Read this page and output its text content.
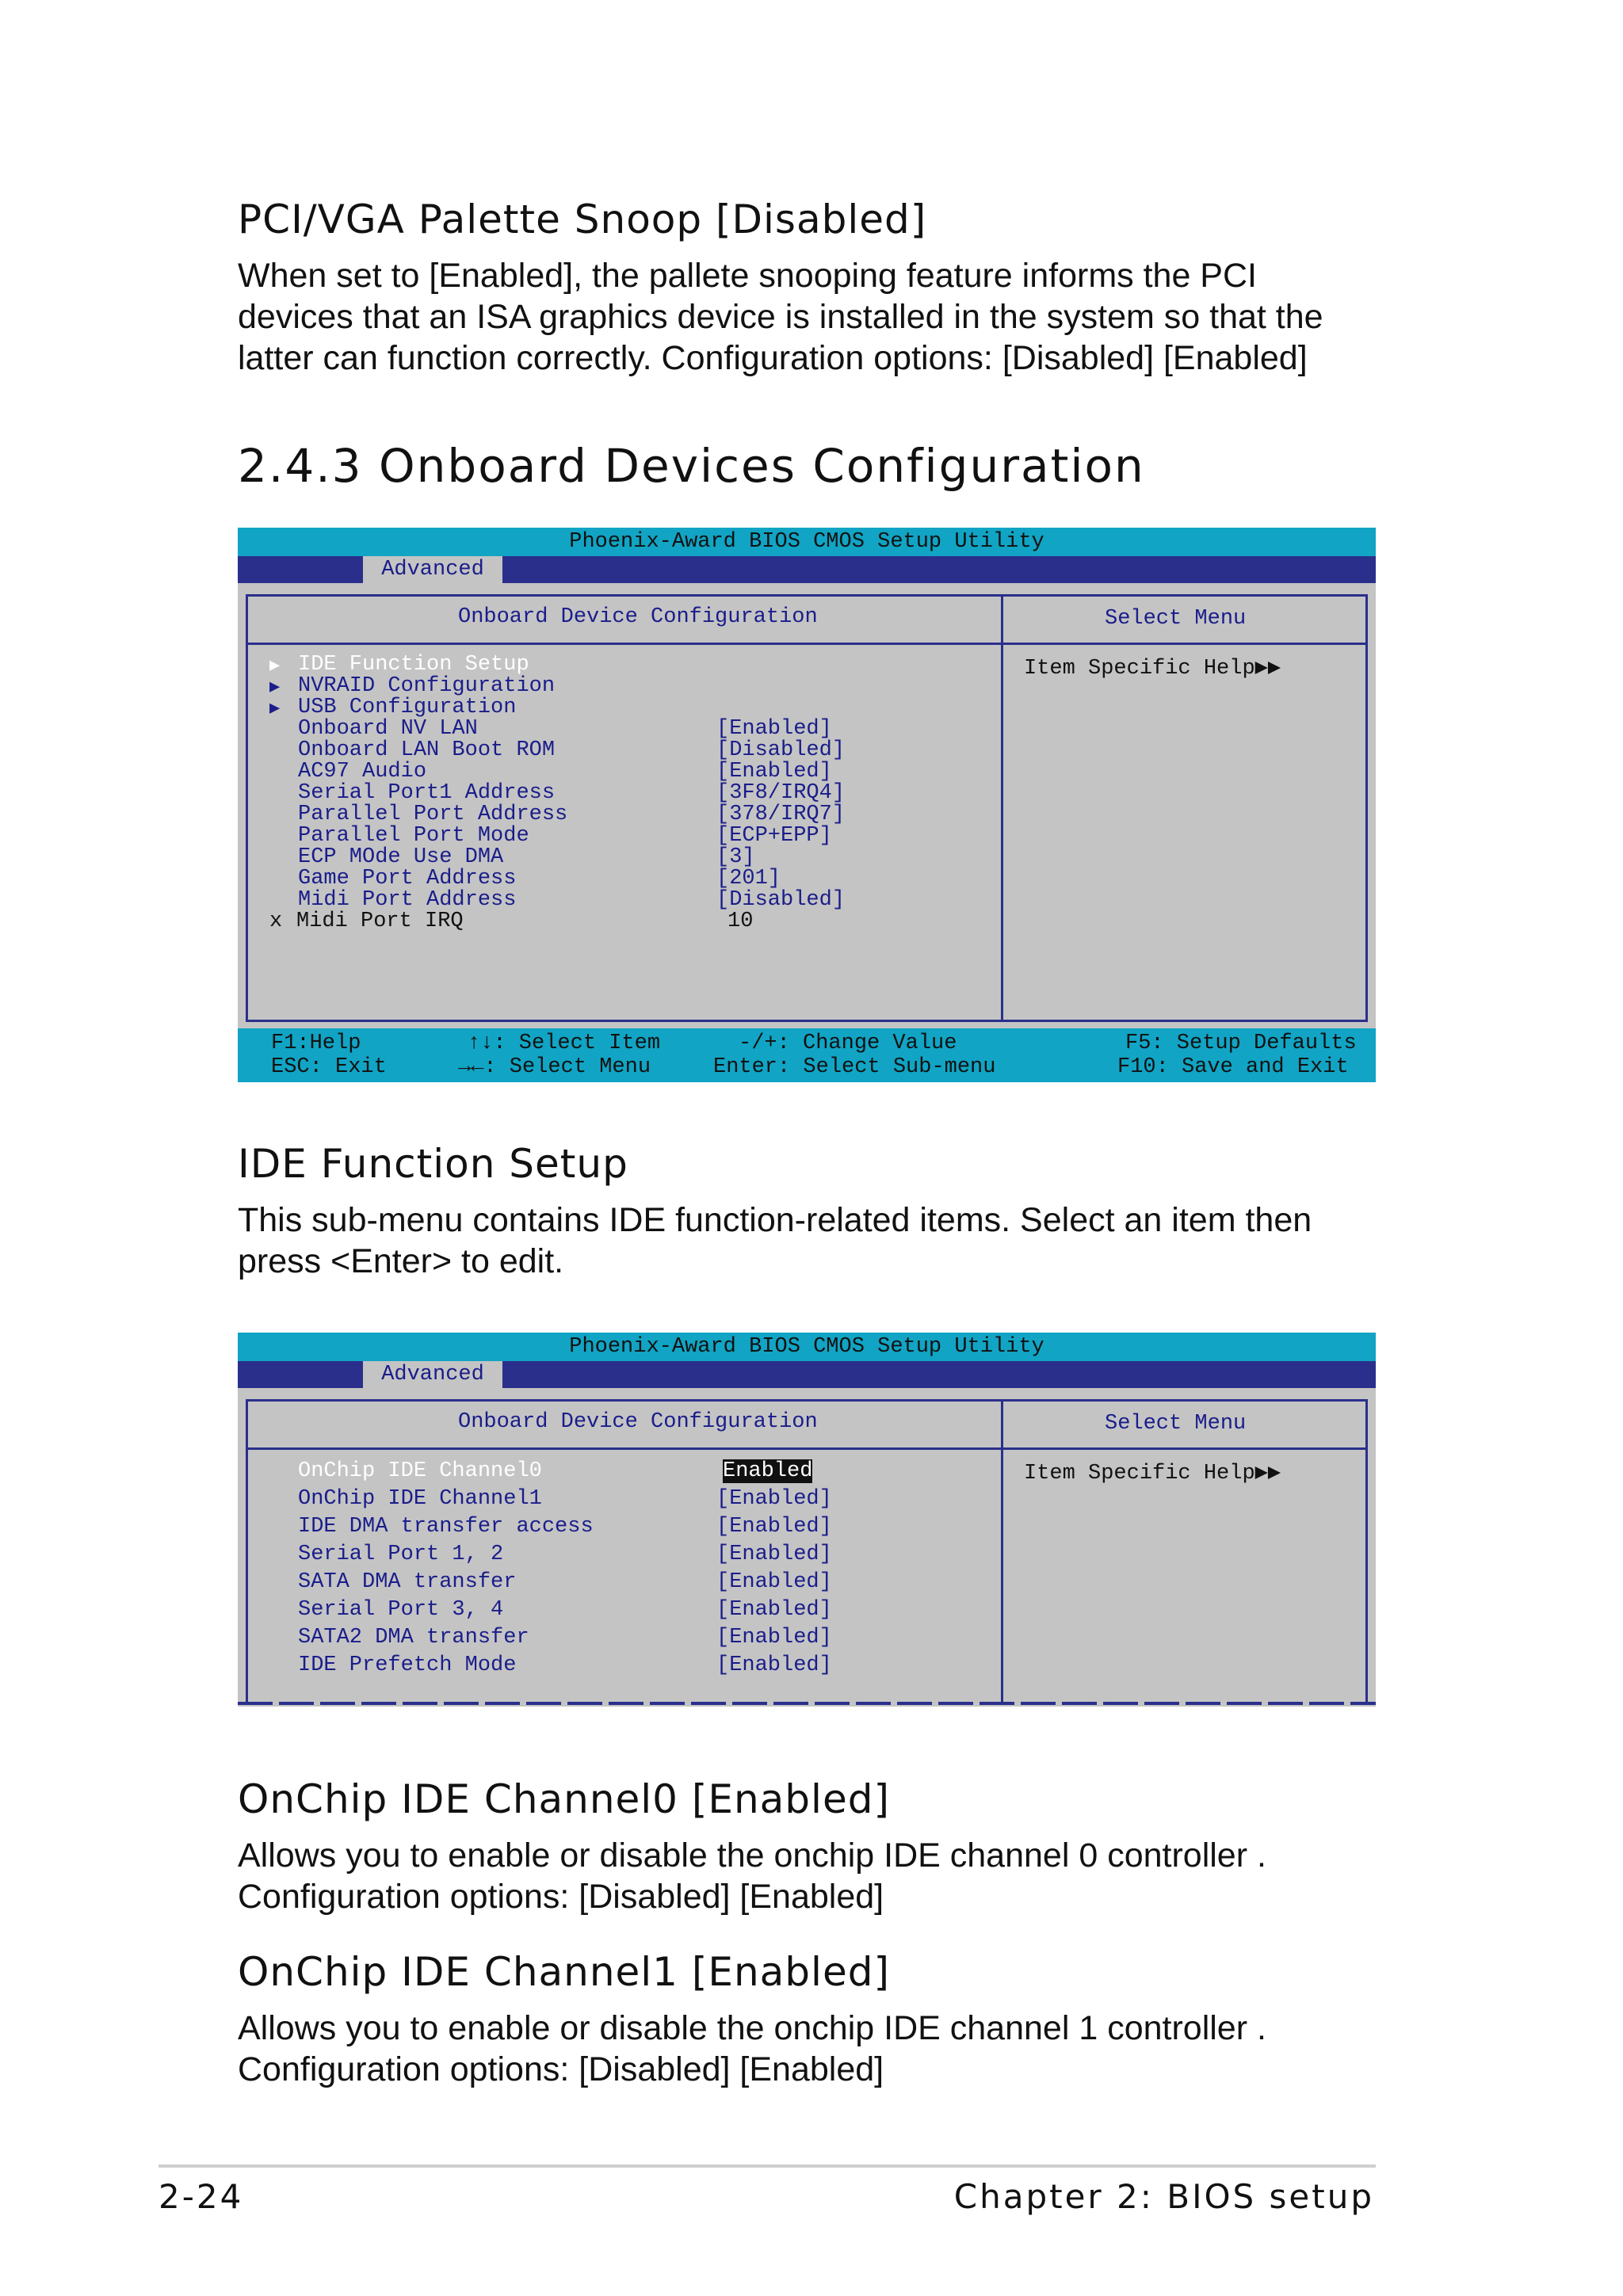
PCI/VGA Palette Snoop [Disabled]
When set to [Enabled], the pallete snooping feature informs the PCI
devices that an ISA graphics device is installed in the system so that the
latter can function correctly. Configuration options: [Disabled] [Enabled]
2.4.3 Onboard Devices Configuration
Phoenix-Award BIOS CMOS Setup Utility
Advanced
Onboard Device Configuration	Select Menu
Item Specific Help▶▶
▶ IDE Function Setup
▶ NVRAID Configuration
▶ USB Configuration
Onboard NV LAN	[Enabled]
Onboard LAN Boot ROM	[Disabled]
AC97 Audio	[Enabled]
Serial Port1 Address	[3F8/IRQ4]
Parallel Port Address	[378/IRQ7]
Parallel Port Mode	[ECP+EPP]
ECP MOde Use DMA	[3]
Game Port Address	[201]
Midi Port Address	[Disabled]
x Midi Port IRQ	10
F1:Help
ESC: Exit
↑↓: Select Item
→←: Select Menu
-/+: Change Value
Enter: Select Sub-menu
F5: Setup Defaults
F10: Save and Exit
IDE Function Setup
This sub-menu contains IDE function-related items. Select an item then
press <Enter> to edit.
Phoenix-Award BIOS CMOS Setup Utility
Advanced
Onboard Device Configuration	Select Menu
Item Specific Help▶▶
OnChip IDE Channel0	Enabled
OnChip IDE Channel1	[Enabled]
IDE DMA transfer access	[Enabled]
Serial Port 1, 2	[Enabled]
SATA DMA transfer	[Enabled]
Serial Port 3, 4	[Enabled]
SATA2 DMA transfer	[Enabled]
IDE Prefetch Mode	[Enabled]
OnChip IDE Channel0 [Enabled]
Allows you to enable or disable the onchip IDE channel 0 controller .
Configuration options: [Disabled] [Enabled]
OnChip IDE Channel1 [Enabled]
Allows you to enable or disable the onchip IDE channel 1 controller .
Configuration options: [Disabled] [Enabled]
2-24	Chapter 2: BIOS setup
